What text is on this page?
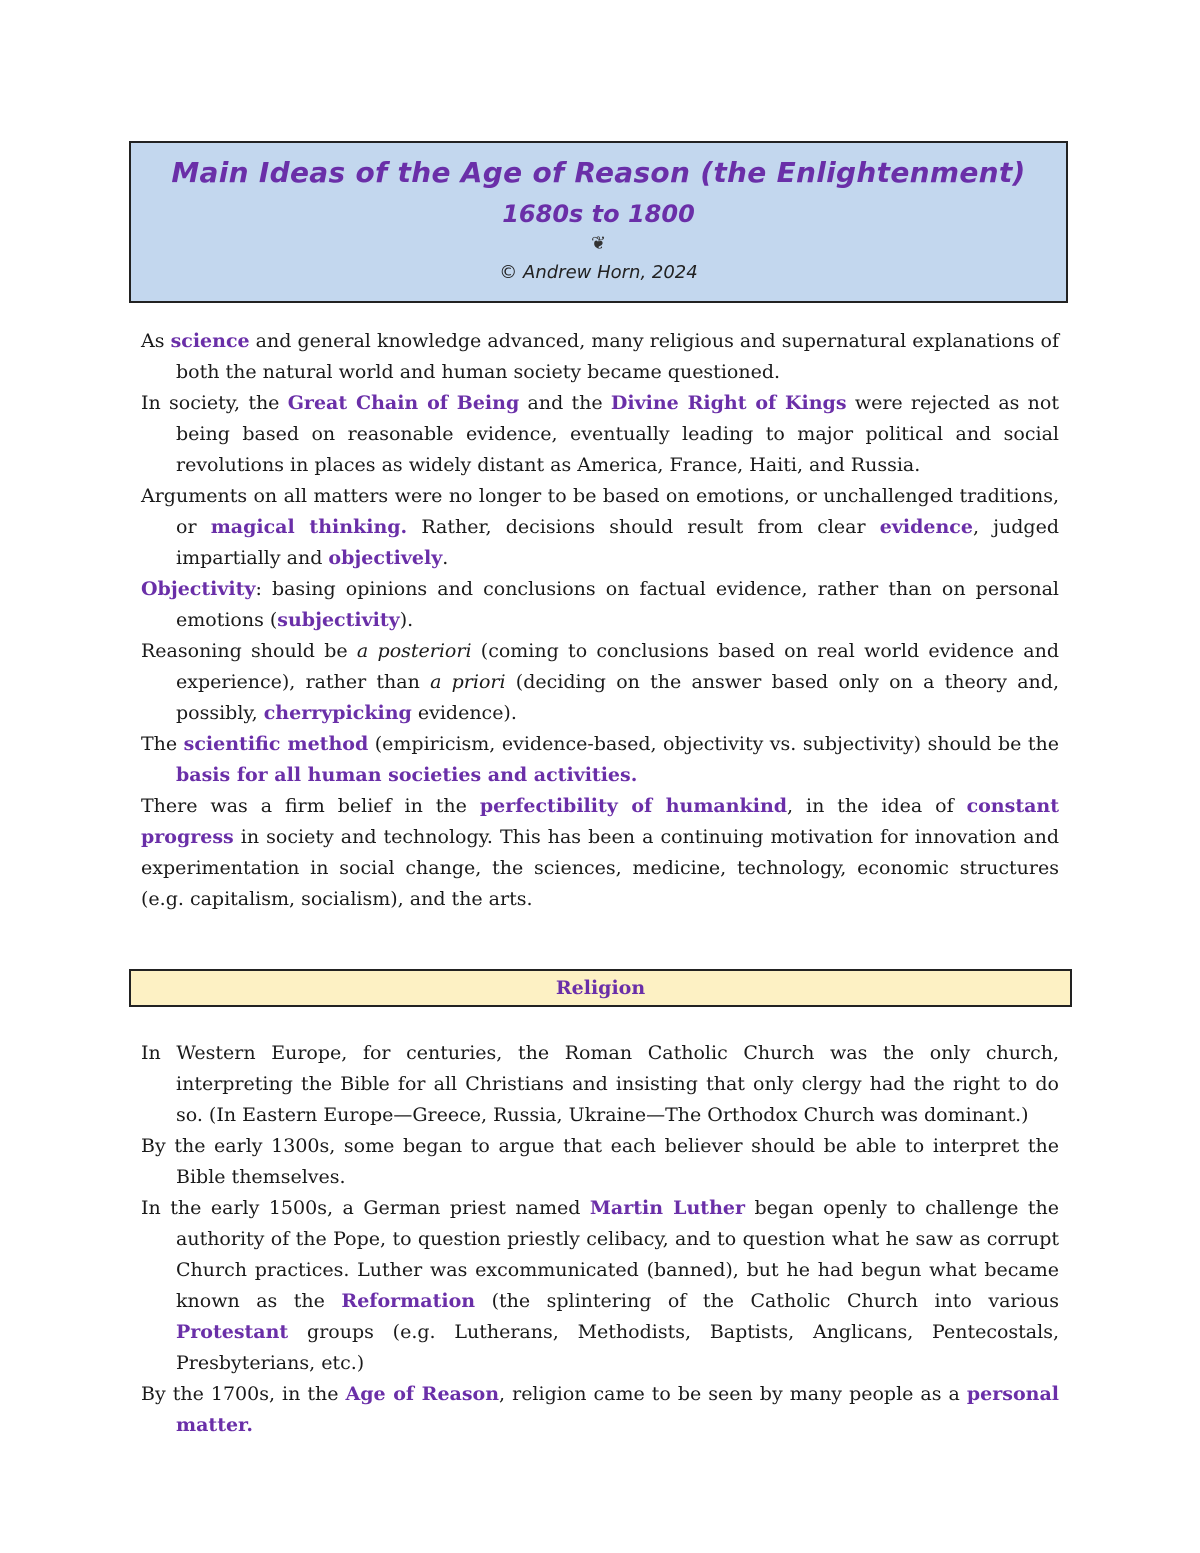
Main Ideas of the Age of Reason (the Enlightenment)
1680s to 1800
❦
© Andrew Horn, 2024

As science and general knowledge advanced, many religious and supernatural explanations of both the natural world and human society became questioned.

In society, the Great Chain of Being and the Divine Right of Kings were rejected as not being based on reasonable evidence, eventually leading to major political and social revolutions in places as widely distant as America, France, Haiti, and Russia.

Arguments on all matters were no longer to be based on emotions, or unchallenged traditions, or magical thinking. Rather, decisions should result from clear evidence, judged impartially and objectively.

Objectivity: basing opinions and conclusions on factual evidence, rather than on personal emotions (subjectivity).

Reasoning should be a posteriori (coming to conclusions based on real world evidence and experience), rather than a priori (deciding on the answer based only on a theory and, possibly, cherrypicking evidence).

The scientific method (empiricism, evidence-based, objectivity vs. subjectivity) should be the basis for all human societies and activities.

There was a firm belief in the perfectibility of humankind, in the idea of constant progress in society and technology. This has been a continuing motivation for innovation and experimentation in social change, the sciences, medicine, technology, economic structures (e.g. capitalism, socialism), and the arts.

Religion

In Western Europe, for centuries, the Roman Catholic Church was the only church, interpreting the Bible for all Christians and insisting that only clergy had the right to do so. (In Eastern Europe—Greece, Russia, Ukraine—The Orthodox Church was dominant.)

By the early 1300s, some began to argue that each believer should be able to interpret the Bible themselves.

In the early 1500s, a German priest named Martin Luther began openly to challenge the authority of the Pope, to question priestly celibacy, and to question what he saw as corrupt Church practices. Luther was excommunicated (banned), but he had begun what became known as the Reformation (the splintering of the Catholic Church into various Protestant groups (e.g. Lutherans, Methodists, Baptists, Anglicans, Pentecostals, Presbyterians, etc.)

By the 1700s, in the Age of Reason, religion came to be seen by many people as a personal matter.
